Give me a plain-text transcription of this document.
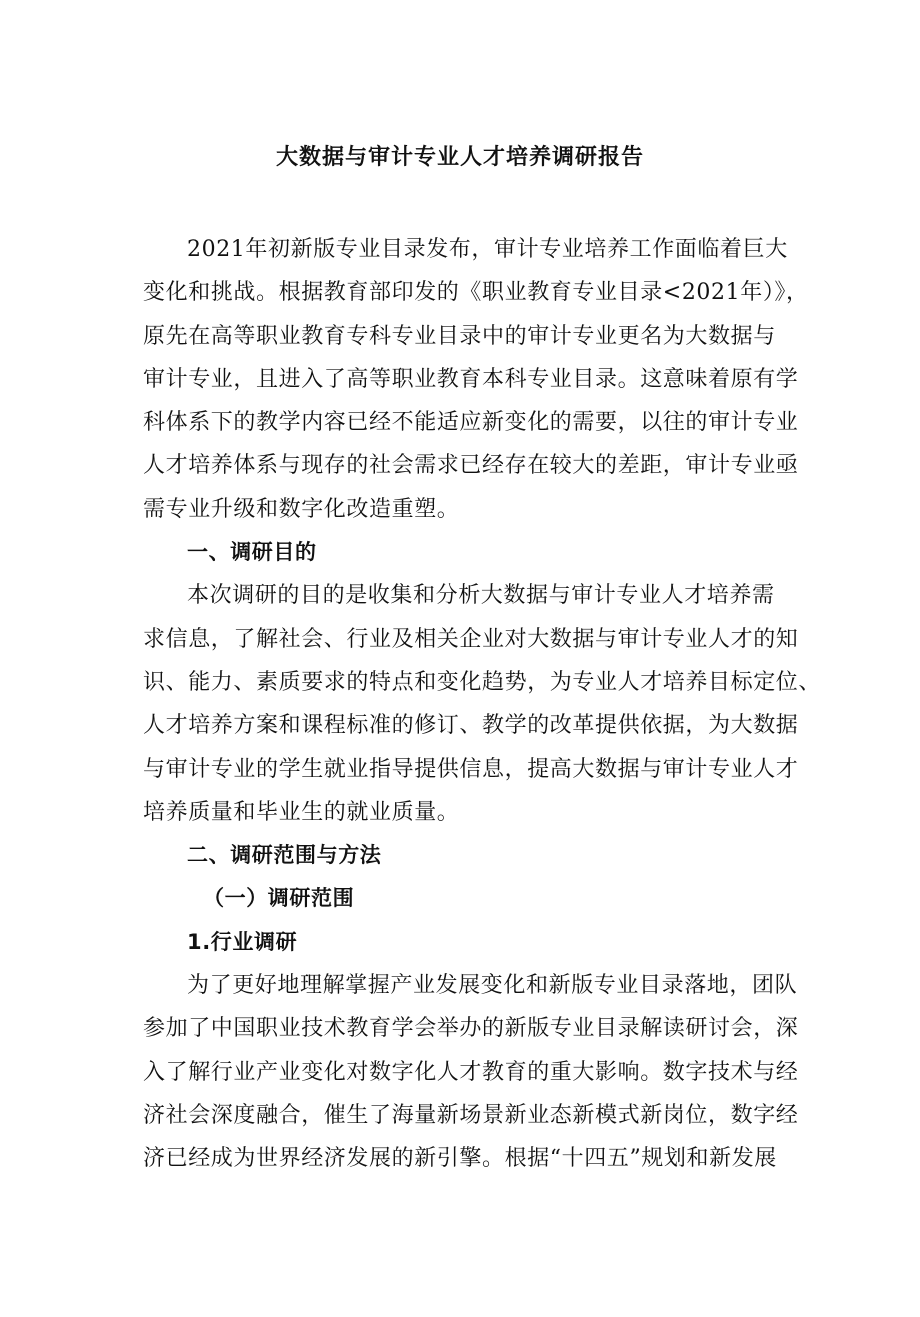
大数据与审计专业人才培养调研报告
2021年初新版专业目录发布，审计专业培养工作面临着巨大
变化和挑战。根据教育部印发的《职业教育专业目录<2021年）》，
原先在高等职业教育专科专业目录中的审计专业更名为大数据与
审计专业，且进入了高等职业教育本科专业目录。这意味着原有学
科体系下的教学内容已经不能适应新变化的需要，以往的审计专业
人才培养体系与现存的社会需求已经存在较大的差距，审计专业亟
需专业升级和数字化改造重塑。
一、调研目的
本次调研的目的是收集和分析大数据与审计专业人才培养需
求信息，了解社会、行业及相关企业对大数据与审计专业人才的知
识、能力、素质要求的特点和变化趋势，为专业人才培养目标定位、
人才培养方案和课程标准的修订、教学的改革提供依据，为大数据
与审计专业的学生就业指导提供信息，提高大数据与审计专业人才
培养质量和毕业生的就业质量。
二、调研范围与方法
（一）调研范围
1.行业调研
为了更好地理解掌握产业发展变化和新版专业目录落地，团队
参加了中国职业技术教育学会举办的新版专业目录解读研讨会，深
入了解行业产业变化对数字化人才教育的重大影响。数字技术与经
济社会深度融合，催生了海量新场景新业态新模式新岗位，数字经
济已经成为世界经济发展的新引擎。根据“十四五”规划和新发展
